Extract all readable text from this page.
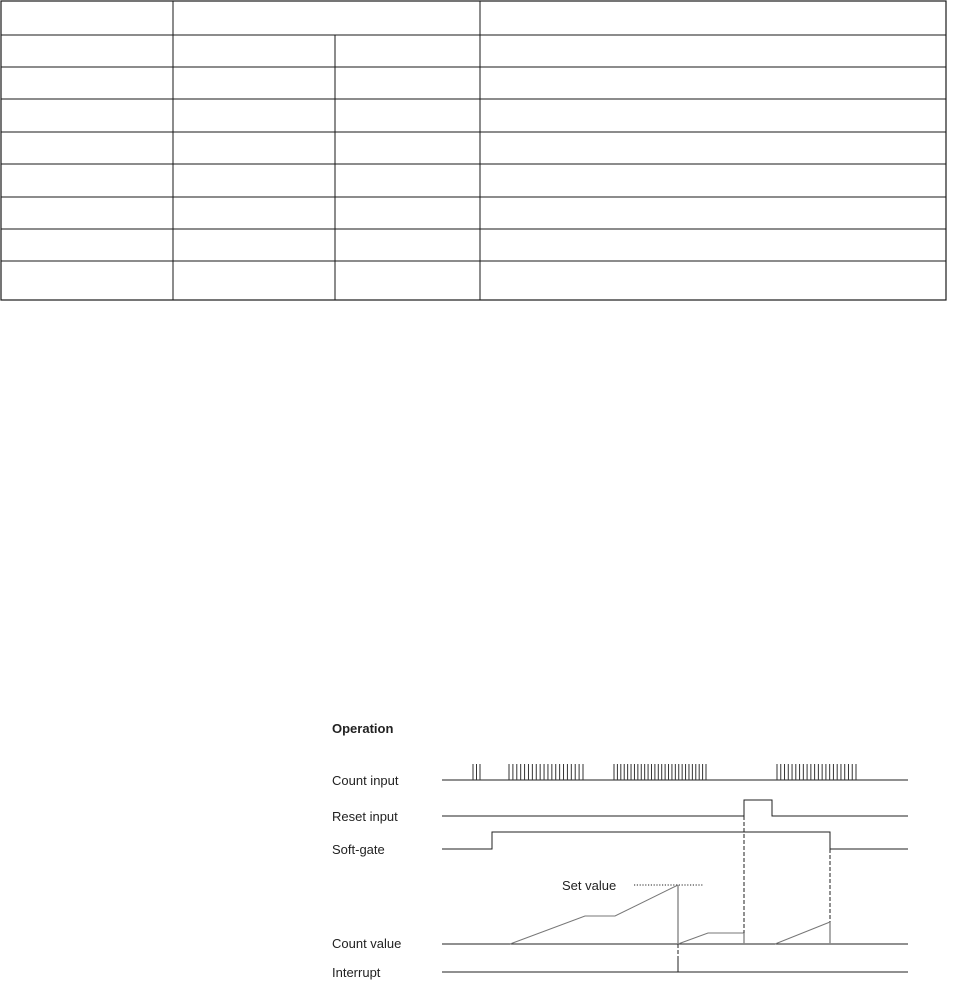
Operation
Count input
Reset input
Soft-gate
Set value
Count value
Interrupt
